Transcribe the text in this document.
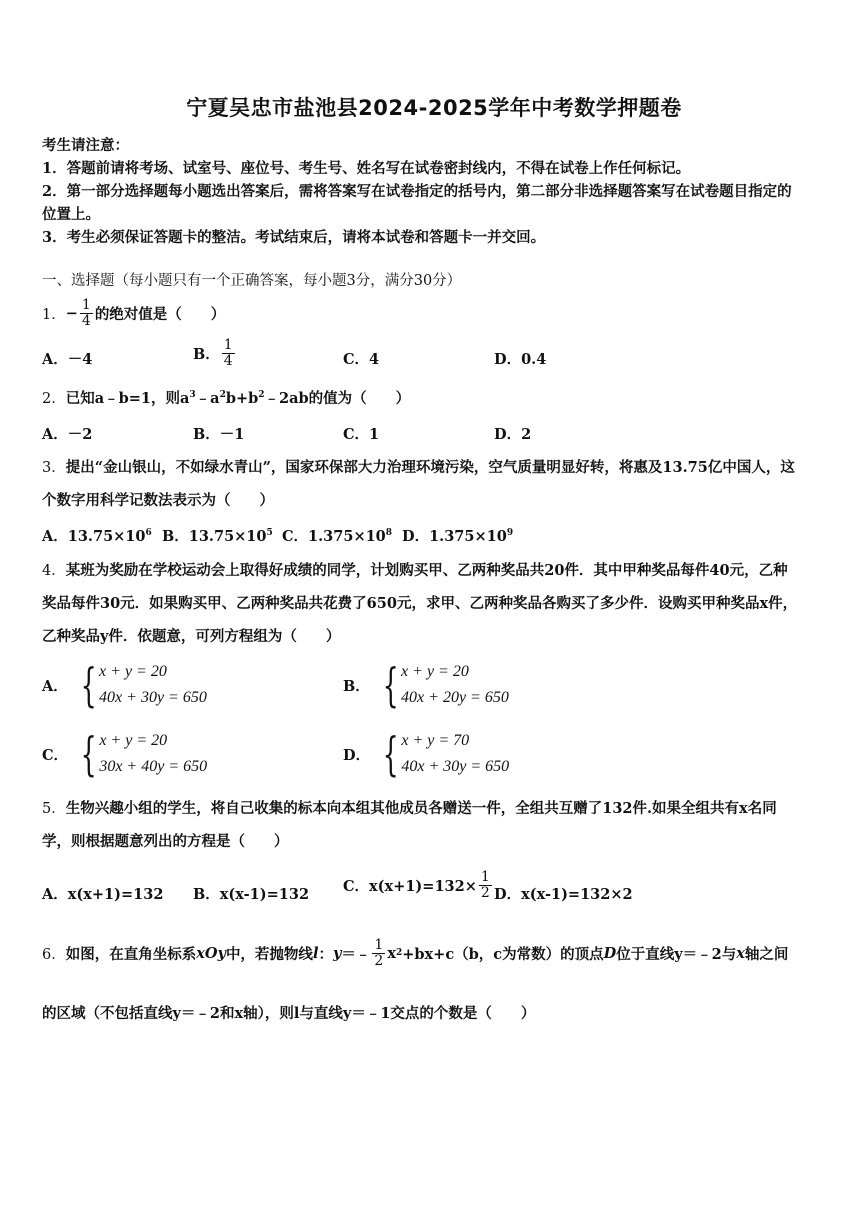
宁夏吴忠市盐池县2024-2025学年中考数学押题卷
考生请注意：
1．答题前请将考场、试室号、座位号、考生号、姓名写在试卷密封线内，不得在试卷上作任何标记。
2．第一部分选择题每小题选出答案后，需将答案写在试卷指定的括号内，第二部分非选择题答案写在试卷题目指定的
位置上。
3．考生必须保证答题卡的整洁。考试结束后，请将本试卷和答题卡一并交回。
一、选择题（每小题只有一个正确答案，每小题3分，满分30分）
1． − $\frac{1}{4}$ 的绝对值是（　　）
A．－4	B． $\frac{1}{4}$	C．4	D．0.4
2．已知a﹣b=1，则$a^3﹣a^2b+b^2﹣2ab$的值为（　　）
A．－2	B．－1	C．1	D．2
3．提出“金山银山，不如绿水青山”，国家环保部大力治理环境污染，空气质量明显好转，将惠及13.75亿中国人，这
个数字用科学记数法表示为（　　）
A．$13.75\times 10^6$ B．$13.75\times 10^5$ C．$1.375\times 10^8$ D．$1.375\times 10^9$
4．某班为奖励在学校运动会上取得好成绩的同学，计划购买甲、乙两种奖品共20件．其中甲种奖品每件40元，乙种
奖品每件30元．如果购买甲、乙两种奖品共花费了650元，求甲、乙两种奖品各购买了多少件．设购买甲种奖品x件，
乙种奖品y件．依题意，可列方程组为（　　）
A． { x + y = 20
40x + 30y = 650
B． { x + y = 20
40x + 20y = 650
C． { x + y = 20
30x + 40y = 650
D． { x + y = 70
40x + 30y = 650
5．生物兴趣小组的学生，将自己收集的标本向本组其他成员各赠送一件，全组共互赠了132件.如果全组共有x名同
学，则根据题意列出的方程是（　　）
A．x(x+1)=132 B．x(x-1)=132 C．$x(x+1)=132\times \frac{1}{2}$ D．x(x-1)=132×2
6． 如图，在直角坐标系 xOy 中，若抛物线 l ： y ＝﹣ $\frac{1}{2}$ x 2 +bx+c（b，c为常数）的顶点 D 位于直线 y＝﹣2与 x 轴之间
的区域（不包括直线y＝﹣2和x轴），则l与直线y＝﹣1交点的个数是（　　）
